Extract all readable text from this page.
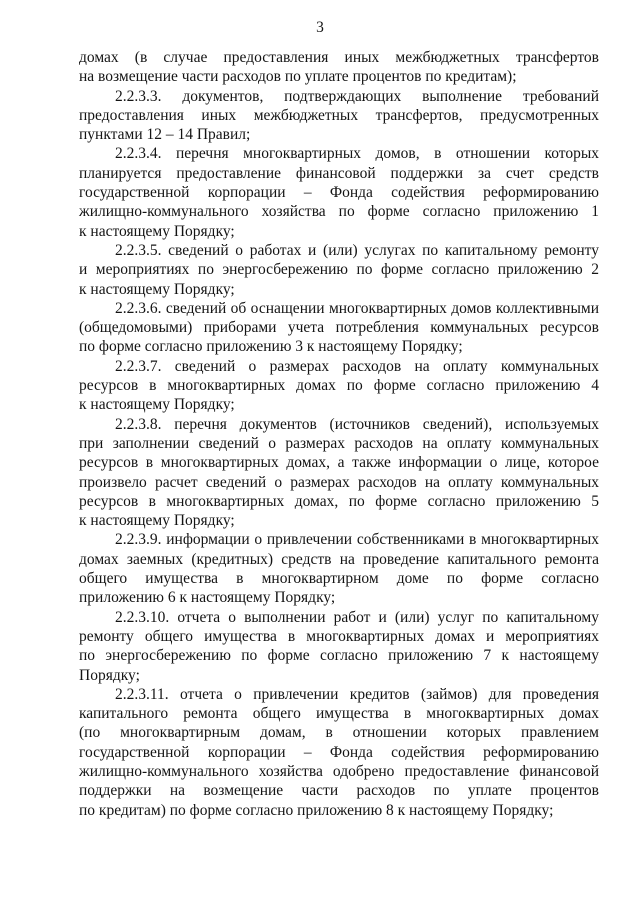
3
домах (в случае предоставления иных межбюджетных трансфертов
на возмещение части расходов по уплате процентов по кредитам);
2.2.3.3. документов, подтверждающих выполнение требований
предоставления иных межбюджетных трансфертов, предусмотренных
пунктами 12 – 14 Правил;
2.2.3.4. перечня многоквартирных домов, в отношении которых
планируется предоставление финансовой поддержки за счет средств
государственной корпорации – Фонда содействия реформированию
жилищно-коммунального хозяйства по форме согласно приложению 1
к настоящему Порядку;
2.2.3.5. сведений о работах и (или) услугах по капитальному ремонту
и мероприятиях по энергосбережению по форме согласно приложению 2
к настоящему Порядку;
2.2.3.6. сведений об оснащении многоквартирных домов коллективными
(общедомовыми) приборами учета потребления коммунальных ресурсов
по форме согласно приложению 3 к настоящему Порядку;
2.2.3.7. сведений о размерах расходов на оплату коммунальных
ресурсов в многоквартирных домах по форме согласно приложению 4
к настоящему Порядку;
2.2.3.8. перечня документов (источников сведений), используемых
при заполнении сведений о размерах расходов на оплату коммунальных
ресурсов в многоквартирных домах, а также информации о лице, которое
произвело расчет сведений о размерах расходов на оплату коммунальных
ресурсов в многоквартирных домах, по форме согласно приложению 5
к настоящему Порядку;
2.2.3.9. информации о привлечении собственниками в многоквартирных
домах заемных (кредитных) средств на проведение капитального ремонта
общего имущества в многоквартирном доме по форме согласно
приложению 6 к настоящему Порядку;
2.2.3.10. отчета о выполнении работ и (или) услуг по капитальному
ремонту общего имущества в многоквартирных домах и мероприятиях
по энергосбережению по форме согласно приложению 7 к настоящему
Порядку;
2.2.3.11. отчета о привлечении кредитов (займов) для проведения
капитального ремонта общего имущества в многоквартирных домах
(по многоквартирным домам, в отношении которых правлением
государственной корпорации – Фонда содействия реформированию
жилищно-коммунального хозяйства одобрено предоставление финансовой
поддержки на возмещение части расходов по уплате процентов
по кредитам) по форме согласно приложению 8 к настоящему Порядку;
